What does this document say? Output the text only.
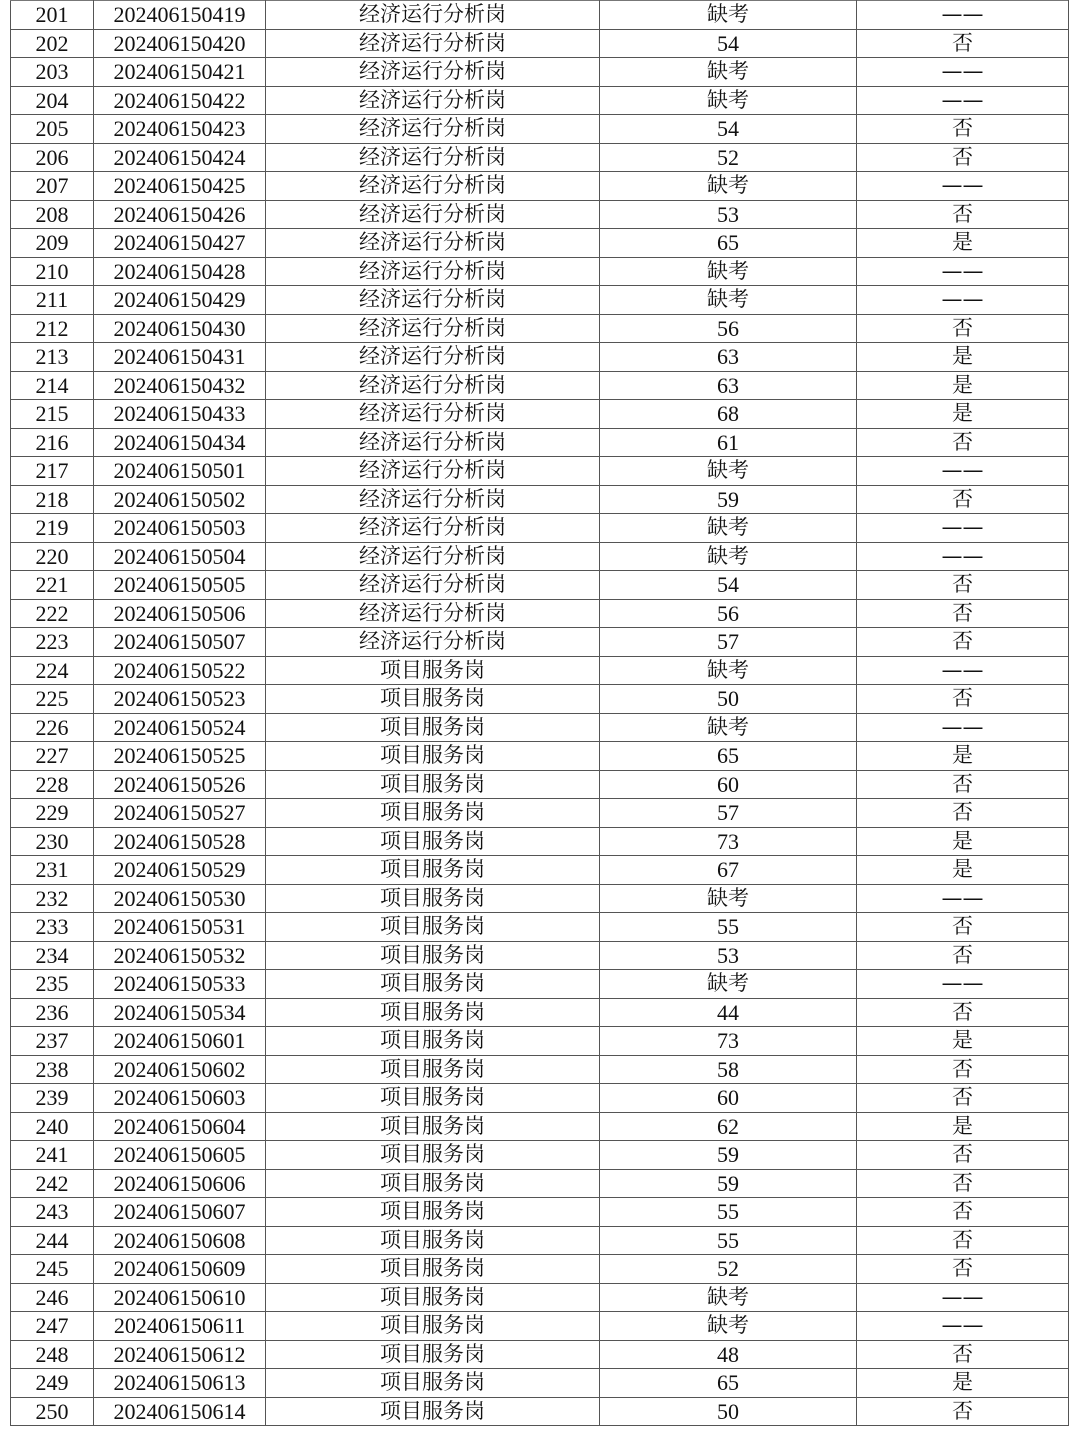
201	202406150419	经济运行分析岗	缺考	——
202	202406150420	经济运行分析岗	54	否
203	202406150421	经济运行分析岗	缺考	——
204	202406150422	经济运行分析岗	缺考	——
205	202406150423	经济运行分析岗	54	否
206	202406150424	经济运行分析岗	52	否
207	202406150425	经济运行分析岗	缺考	——
208	202406150426	经济运行分析岗	53	否
209	202406150427	经济运行分析岗	65	是
210	202406150428	经济运行分析岗	缺考	——
211	202406150429	经济运行分析岗	缺考	——
212	202406150430	经济运行分析岗	56	否
213	202406150431	经济运行分析岗	63	是
214	202406150432	经济运行分析岗	63	是
215	202406150433	经济运行分析岗	68	是
216	202406150434	经济运行分析岗	61	否
217	202406150501	经济运行分析岗	缺考	——
218	202406150502	经济运行分析岗	59	否
219	202406150503	经济运行分析岗	缺考	——
220	202406150504	经济运行分析岗	缺考	——
221	202406150505	经济运行分析岗	54	否
222	202406150506	经济运行分析岗	56	否
223	202406150507	经济运行分析岗	57	否
224	202406150522	项目服务岗	缺考	——
225	202406150523	项目服务岗	50	否
226	202406150524	项目服务岗	缺考	——
227	202406150525	项目服务岗	65	是
228	202406150526	项目服务岗	60	否
229	202406150527	项目服务岗	57	否
230	202406150528	项目服务岗	73	是
231	202406150529	项目服务岗	67	是
232	202406150530	项目服务岗	缺考	——
233	202406150531	项目服务岗	55	否
234	202406150532	项目服务岗	53	否
235	202406150533	项目服务岗	缺考	——
236	202406150534	项目服务岗	44	否
237	202406150601	项目服务岗	73	是
238	202406150602	项目服务岗	58	否
239	202406150603	项目服务岗	60	否
240	202406150604	项目服务岗	62	是
241	202406150605	项目服务岗	59	否
242	202406150606	项目服务岗	59	否
243	202406150607	项目服务岗	55	否
244	202406150608	项目服务岗	55	否
245	202406150609	项目服务岗	52	否
246	202406150610	项目服务岗	缺考	——
247	202406150611	项目服务岗	缺考	——
248	202406150612	项目服务岗	48	否
249	202406150613	项目服务岗	65	是
250	202406150614	项目服务岗	50	否
